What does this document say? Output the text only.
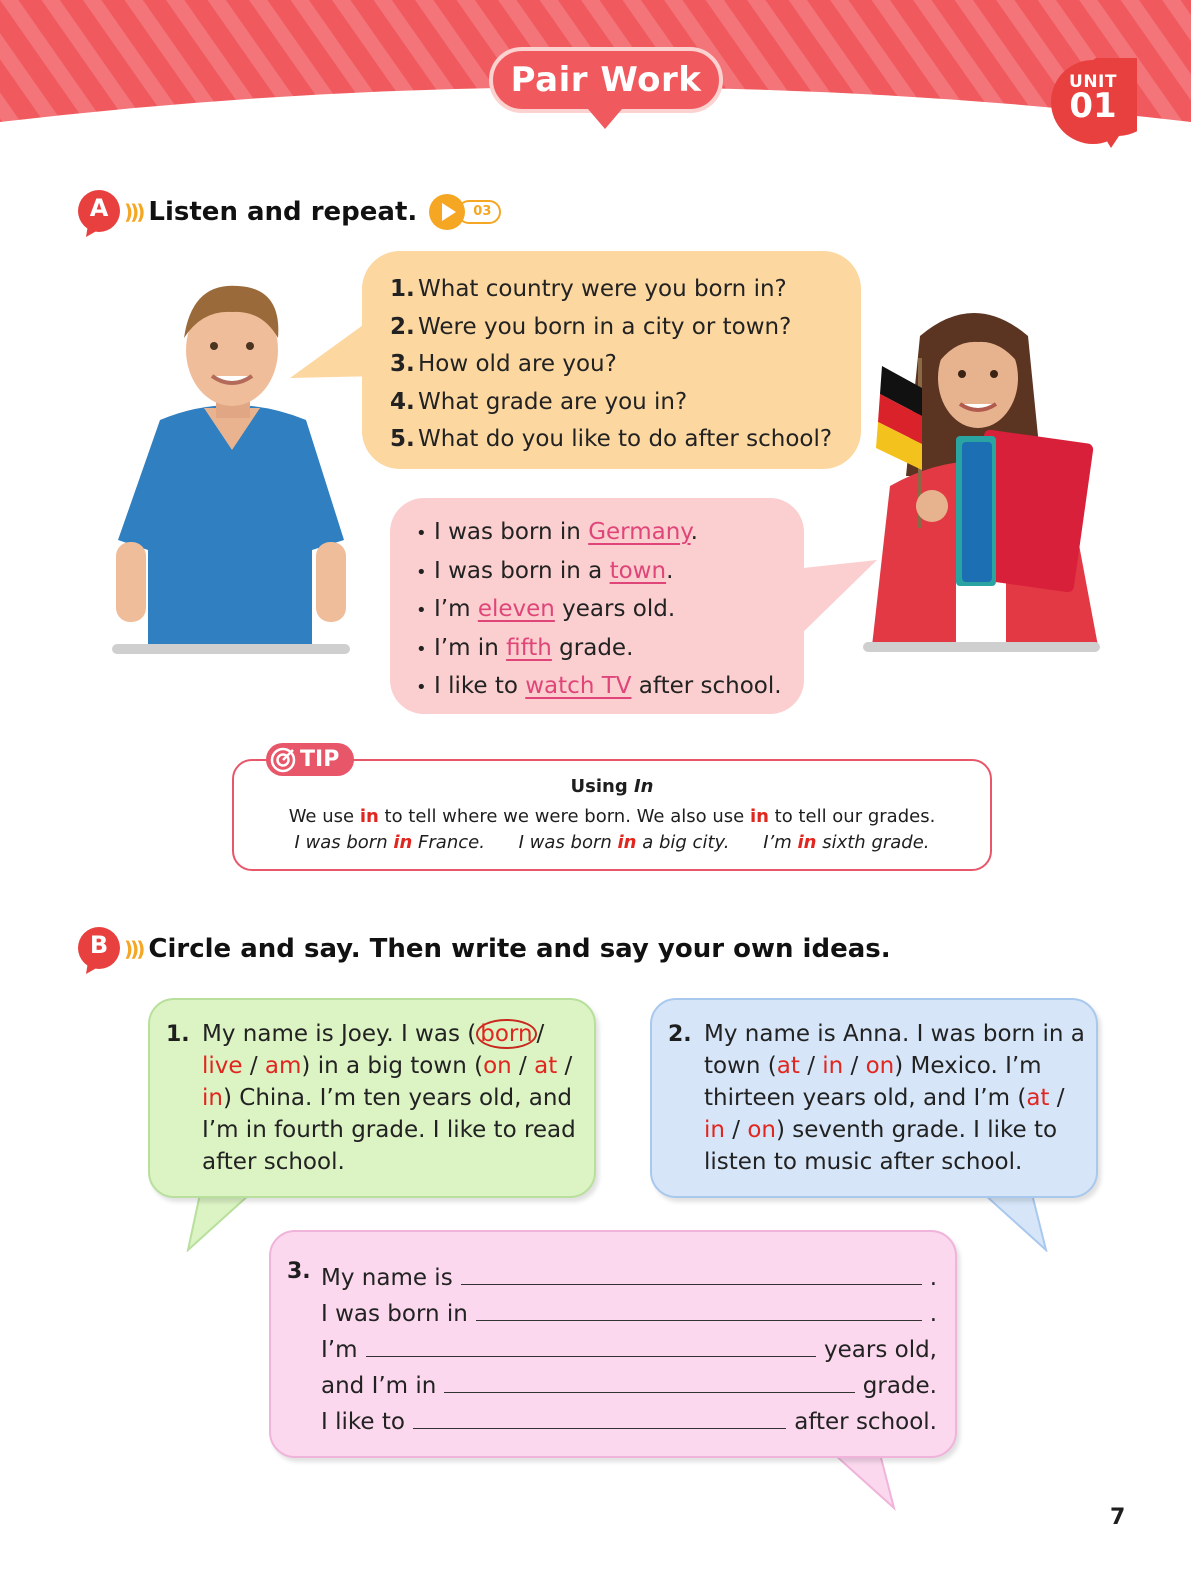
Pair Work	UNIT
01
A ))) Listen and repeat.	03
1. What country were you born in?
2. Were you born in a city or town?
3. How old are you?
4. What grade are you in?
5. What do you like to do after school?
• I was born in Germany.
• I was born in a town.
• I’m eleven years old.
• I’m in fifth grade.
• I like to watch TV after school.
TIP
Using In
We use in to tell where we were born. We also use in to tell our grades.
I was born in France. I was born in a big city. I’m in sixth grade.
B ))) Circle and say. Then write and say your own ideas.
1. My name is Joey. I was ( born / live / am) in a big town (on / at / in) China. I’m ten years old, and I’m in fourth grade. I like to read after school.
2. My name is Anna. I was born in a town (at / in / on) Mexico. I’m thirteen years old, and I’m (at / in / on) seventh grade. I like to listen to music after school.
3. My name is	.
I was born in	.
I’m	years old,
and I’m in	grade.
I like to	after school.
7
